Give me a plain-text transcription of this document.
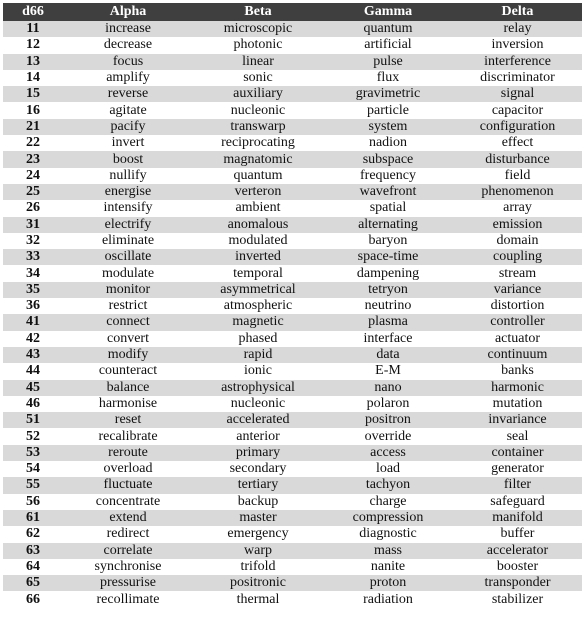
d66	Alpha	Beta	Gamma	Delta
11	increase	microscopic	quantum	relay
12	decrease	photonic	artificial	inversion
13	focus	linear	pulse	interference
14	amplify	sonic	flux	discriminator
15	reverse	auxiliary	gravimetric	signal
16	agitate	nucleonic	particle	capacitor
21	pacify	transwarp	system	configuration
22	invert	reciprocating	nadion	effect
23	boost	magnatomic	subspace	disturbance
24	nullify	quantum	frequency	field
25	energise	verteron	wavefront	phenomenon
26	intensify	ambient	spatial	array
31	electrify	anomalous	alternating	emission
32	eliminate	modulated	baryon	domain
33	oscillate	inverted	space-time	coupling
34	modulate	temporal	dampening	stream
35	monitor	asymmetrical	tetryon	variance
36	restrict	atmospheric	neutrino	distortion
41	connect	magnetic	plasma	controller
42	convert	phased	interface	actuator
43	modify	rapid	data	continuum
44	counteract	ionic	E-M	banks
45	balance	astrophysical	nano	harmonic
46	harmonise	nucleonic	polaron	mutation
51	reset	accelerated	positron	invariance
52	recalibrate	anterior	override	seal
53	reroute	primary	access	container
54	overload	secondary	load	generator
55	fluctuate	tertiary	tachyon	filter
56	concentrate	backup	charge	safeguard
61	extend	master	compression	manifold
62	redirect	emergency	diagnostic	buffer
63	correlate	warp	mass	accelerator
64	synchronise	trifold	nanite	booster
65	pressurise	positronic	proton	transponder
66	recollimate	thermal	radiation	stabilizer
